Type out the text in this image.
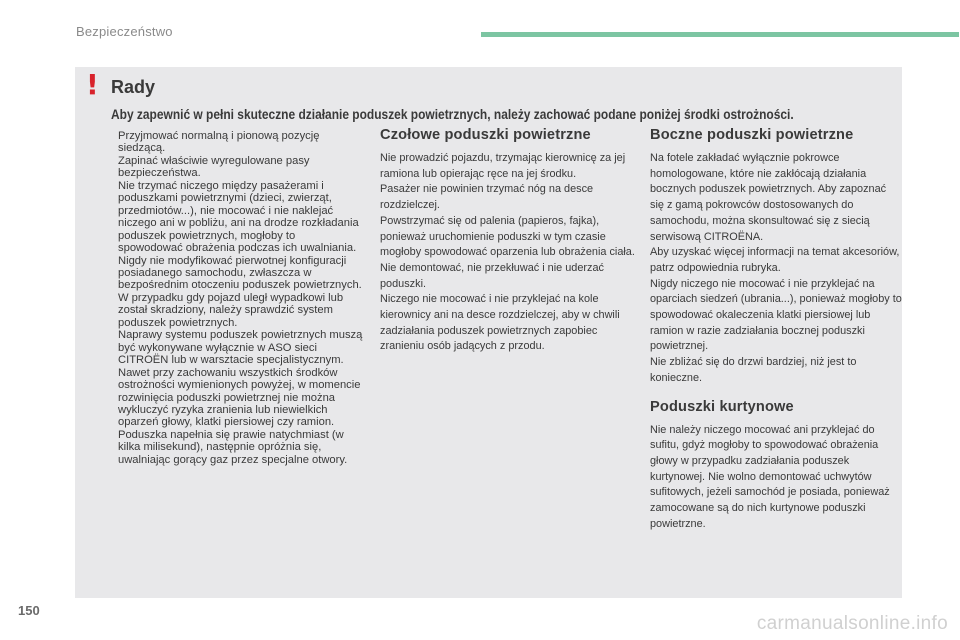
Bezpieczeństwo
! Rady
Aby zapewnić w pełni skuteczne działanie poduszek powietrznych, należy zachować podane poniżej środki ostrożności.

Przyjmować normalną i pionową pozycję siedzącą.

Zapinać właściwie wyregulowane pasy bezpieczeństwa.

Nie trzymać niczego między pasażerami i poduszkami powietrznymi (dzieci, zwierząt, przedmiotów...), nie mocować i nie naklejać niczego ani w pobliżu, ani na drodze rozkładania poduszek powietrznych, mogłoby to spowodować obrażenia podczas ich uwalniania.

Nigdy nie modyfikować pierwotnej konfiguracji posiadanego samochodu, zwłaszcza w bezpośrednim otoczeniu poduszek powietrznych.

W przypadku gdy pojazd uległ wypadkowi lub został skradziony, należy sprawdzić system poduszek powietrznych.

Naprawy systemu poduszek powietrznych muszą być wykonywane wyłącznie w ASO sieci CITROËN lub w warsztacie specjalistycznym.

Nawet przy zachowaniu wszystkich środków ostrożności wymienionych powyżej, w momencie rozwinięcia poduszki powietrznej nie można wykluczyć ryzyka zranienia lub niewielkich oparzeń głowy, klatki piersiowej czy ramion. Poduszka napełnia się prawie natychmiast (w kilka milisekund), następnie opróżnia się, uwalniając gorący gaz przez specjalne otwory.

Czołowe poduszki powietrzne

Nie prowadzić pojazdu, trzymając kierownicę za jej ramiona lub opierając ręce na jej środku.

Pasażer nie powinien trzymać nóg na desce rozdzielczej.

Powstrzymać się od palenia (papieros, fajka), ponieważ uruchomienie poduszki w tym czasie mogłoby spowodować oparzenia lub obrażenia ciała.

Nie demontować, nie przekłuwać i nie uderzać poduszki.

Niczego nie mocować i nie przyklejać na kole kierownicy ani na desce rozdzielczej, aby w chwili zadziałania poduszek powietrznych zapobiec zranieniu osób jadących z przodu.

Boczne poduszki powietrzne

Na fotele zakładać wyłącznie pokrowce homologowane, które nie zakłócają działania bocznych poduszek powietrznych. Aby zapoznać się z gamą pokrowców dostosowanych do samochodu, można skonsultować się z siecią serwisową CITROËNA.

Aby uzyskać więcej informacji na temat akcesoriów, patrz odpowiednia rubryka.

Nigdy niczego nie mocować i nie przyklejać na oparciach siedzeń (ubrania...), ponieważ mogłoby to spowodować okaleczenia klatki piersiowej lub ramion w razie zadziałania bocznej poduszki powietrznej.

Nie zbliżać się do drzwi bardziej, niż jest to konieczne.

Poduszki kurtynowe

Nie należy niczego mocować ani przyklejać do sufitu, gdyż mogłoby to spowodować obrażenia głowy w przypadku zadziałania poduszek kurtynowej. Nie wolno demontować uchwytów sufitowych, jeżeli samochód je posiada, ponieważ zamocowane są do nich kurtynowe poduszki powietrzne.

150
carmanualsonline.info
